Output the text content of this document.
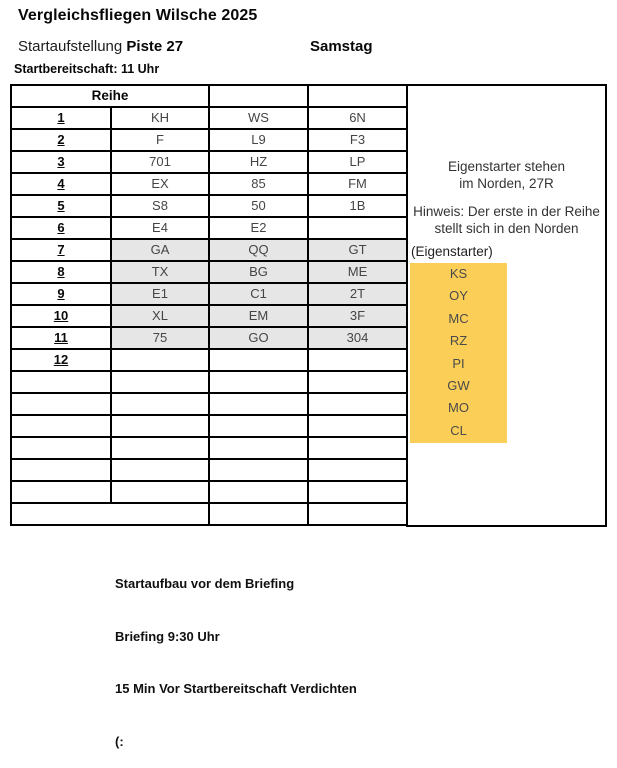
Vergleichsfliegen Wilsche 2025
Startaufstellung Piste 27	Samstag
Startbereitschaft: 11 Uhr
Reihe			
1	KH	WS	6N
2	F	L9	F3
3	701	HZ	LP
4	EX	85	FM
5	S8	50	1B
6	E4	E2	
7	GA	QQ	GT
8	TX	BG	ME
9	E1	C1	2T
10	XL	EM	3F
11	75	GO	304
12			

Eigenstarter stehen
im Norden, 27R
Hinweis: Der erste in der Reihe
stellt sich in den Norden
(Eigenstarter)
KS
OY
MC
RZ
PI
GW
MO
CL

Startaufbau vor dem Briefing

Briefing 9:30 Uhr

15 Min Vor Startbereitschaft Verdichten

(:
